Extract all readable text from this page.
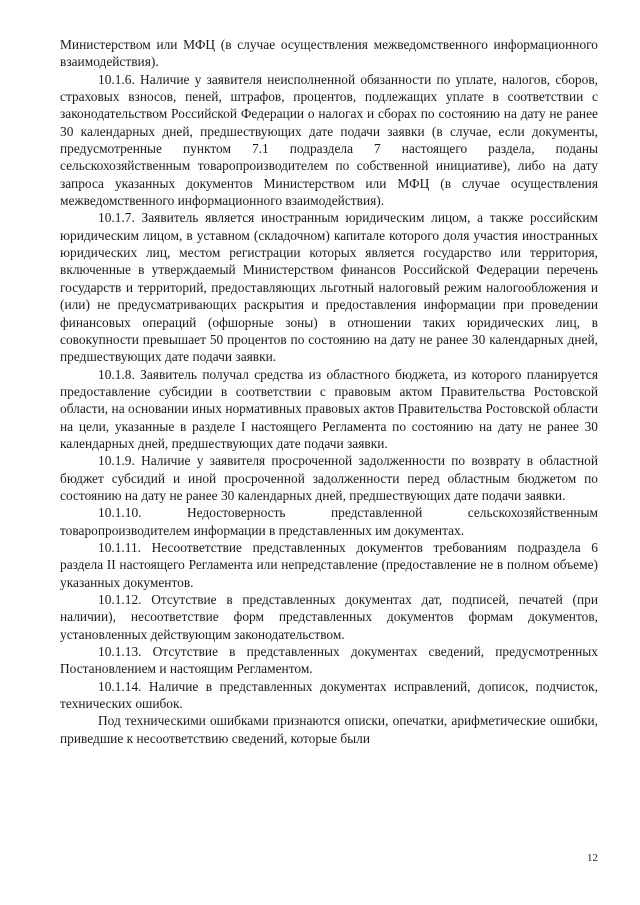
Министерством или МФЦ (в случае осуществления межведомственного информационного взаимодействия).

10.1.6. Наличие у заявителя неисполненной обязанности по уплате, налогов, сборов, страховых взносов, пеней, штрафов, процентов, подлежащих уплате в соответствии с законодательством Российской Федерации о налогах и сборах по состоянию на дату не ранее 30 календарных дней, предшествующих дате подачи заявки (в случае, если документы, предусмотренные пунктом 7.1 подраздела 7 настоящего раздела, поданы сельскохозяйственным товаропроизводителем по собственной инициативе), либо на дату запроса указанных документов Министерством или МФЦ (в случае осуществления межведомственного информационного взаимодействия).

10.1.7. Заявитель является иностранным юридическим лицом, а также российским юридическим лицом, в уставном (складочном) капитале которого доля участия иностранных юридических лиц, местом регистрации которых является государство или территория, включенные в утверждаемый Министерством финансов Российской Федерации перечень государств и территорий, предоставляющих льготный налоговый режим налогообложения и (или) не предусматривающих раскрытия и предоставления информации при проведении финансовых операций (офшорные зоны) в отношении таких юридических лиц, в совокупности превышает 50 процентов по состоянию на дату не ранее 30 календарных дней, предшествующих дате подачи заявки.

10.1.8. Заявитель получал средства из областного бюджета, из которого планируется предоставление субсидии в соответствии с правовым актом Правительства Ростовской области, на основании иных нормативных правовых актов Правительства Ростовской области на цели, указанные в разделе I настоящего Регламента по состоянию на дату не ранее 30 календарных дней, предшествующих дате подачи заявки.

10.1.9. Наличие у заявителя просроченной задолженности по возврату в областной бюджет субсидий и иной просроченной задолженности перед областным бюджетом по состоянию на дату не ранее 30 календарных дней, предшествующих дате подачи заявки.

10.1.10. Недостоверность представленной сельскохозяйственным товаропроизводителем информации в представленных им документах.

10.1.11. Несоответствие представленных документов требованиям подраздела 6 раздела II настоящего Регламента или непредставление (предоставление не в полном объеме) указанных документов.

10.1.12. Отсутствие в представленных документах дат, подписей, печатей (при наличии), несоответствие форм представленных документов формам документов, установленных действующим законодательством.

10.1.13. Отсутствие в представленных документах сведений, предусмотренных Постановлением и настоящим Регламентом.

10.1.14. Наличие в представленных документах исправлений, дописок, подчисток, технических ошибок.

Под техническими ошибками признаются описки, опечатки, арифметические ошибки, приведшие к несоответствию сведений, которые были

12
